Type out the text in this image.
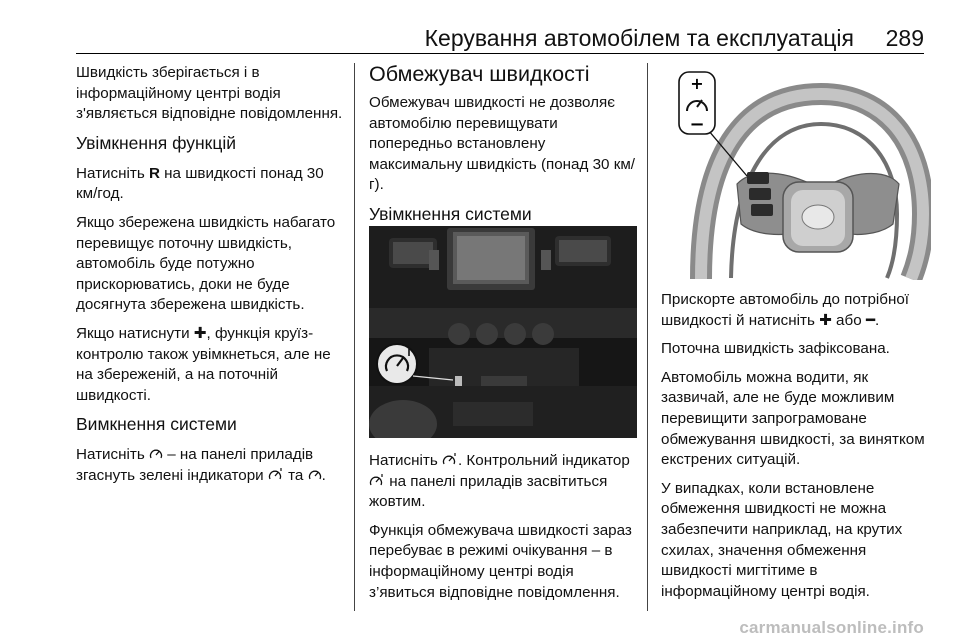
Керування автомобілем та експлуатація 289

Швидкість зберігається і в інформаційному центрі водія з'являється відповідне повідомлення.

Увімкнення функцій

Натисніть R на швидкості понад 30 км/год.

Якщо збережена швидкість набагато перевищує поточну швидкість, автомобіль буде потужно прискорюватись, доки не буде досягнута збережена швидкість.

Якщо натиснути ✚, функція круїз-контролю також увімкнеться, але не на збереженій, а на поточній швидкості.

Вимкнення системи

Натисніть  – на панелі приладів згаснуть зелені індикатори  та .

Обмежувач швидкості

Обмежувач швидкості не дозволяє автомобілю перевищувати попередньо встановлену максимальну швидкість (понад 30 км/г).

Увімкнення системи

Натисніть . Контрольний індикатор  на панелі приладів засвітиться жовтим.

Функція обмежувача швидкості зараз перебуває в режимі очікування – в інформаційному центрі водія з’явиться відповідне повідомлення.

+
−

Прискорте автомобіль до потрібної швидкості й натисніть ✚ або ━.

Поточна швидкість зафіксована.

Автомобіль можна водити, як зазвичай, але не буде можливим перевищити запрограмоване обмежування швидкості, за винятком екстрених ситуацій.

У випадках, коли встановлене обмеження швидкості не можна забезпечити наприклад, на крутих схилах, значення обмеження швидкості мигтітиме в інформаційному центрі водія.

carmanualsonline.info
